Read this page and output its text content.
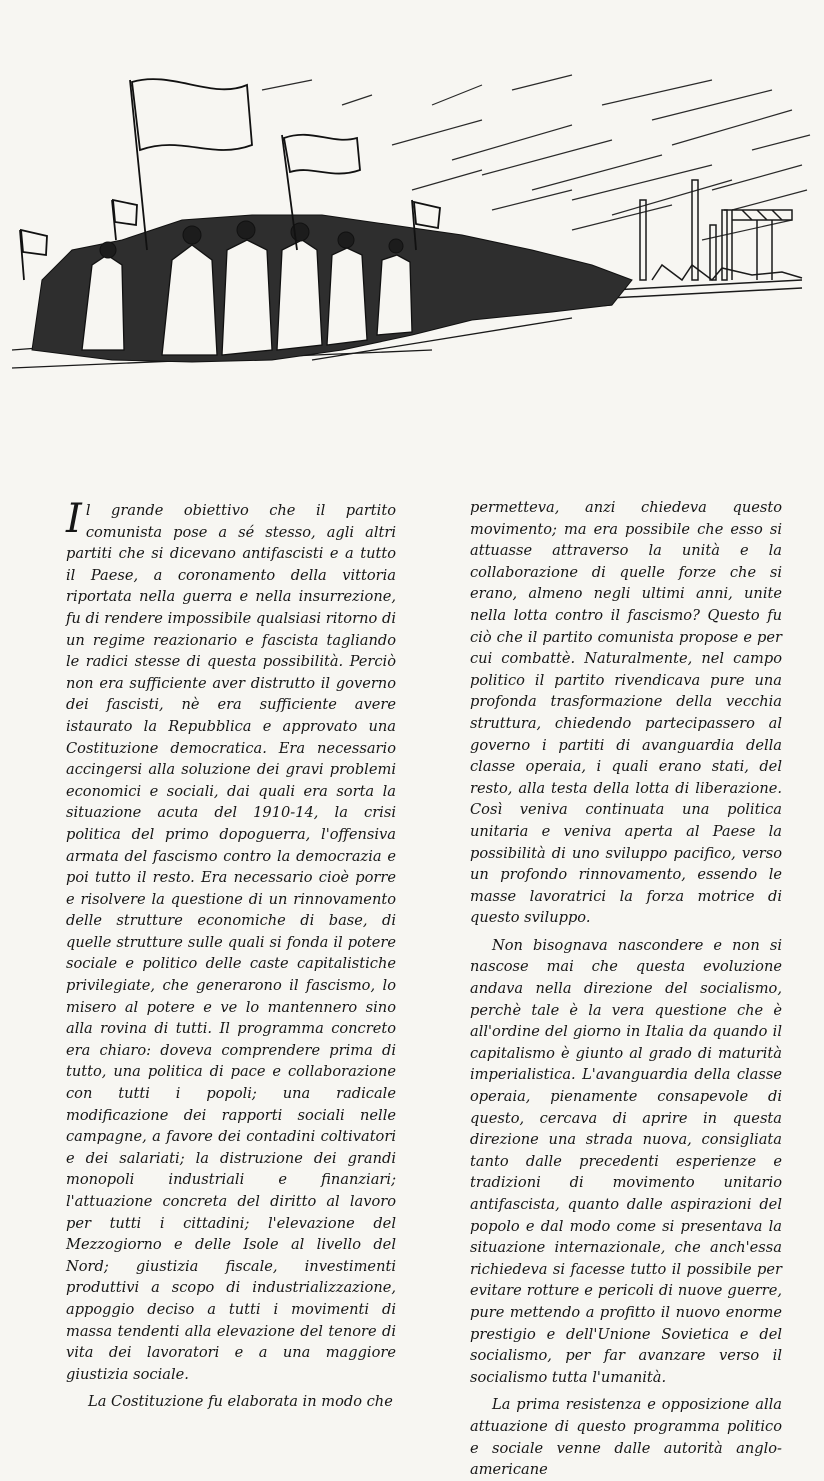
Il grande obiettivo che il partito comunista pose a sé stesso, agli altri partiti che si dicevano antifascisti e a tutto il Paese, a coronamento della vittoria riportata nella guerra e nella insurrezione, fu di rendere impossibile qualsiasi ritorno di un regime reazionario e fascista tagliando le radici stesse di questa possibilità. Perciò non era sufficiente aver distrutto il governo dei fascisti, nè era sufficiente avere istaurato la Repubblica e approvato una Costituzione democratica. Era necessario accingersi alla soluzione dei gravi problemi economici e sociali, dai quali era sorta la situazione acuta del 1910-14, la crisi politica del primo dopoguerra, l'offensiva armata del fascismo contro la democrazia e poi tutto il resto. Era necessario cioè porre e risolvere la questione di un rinnovamento delle strutture economiche di base, di quelle strutture sulle quali si fonda il potere sociale e politico delle caste capitalistiche privilegiate, che generarono il fascismo, lo misero al potere e ve lo mantennero sino alla rovina di tutti. Il programma concreto era chiaro: doveva comprendere prima di tutto, una politica di pace e collaborazione con tutti i popoli; una radicale modificazione dei rapporti sociali nelle campagne, a favore dei contadini coltivatori e dei salariati; la distruzione dei grandi monopoli industriali e finanziari; l'attuazione concreta del diritto al lavoro per tutti i cittadini; l'elevazione del Mezzogiorno e delle Isole al livello del Nord; giustizia fiscale, investimenti produttivi a scopo di industrializzazione, appoggio deciso a tutti i movimenti di massa tendenti alla elevazione del tenore di vita dei lavoratori e a una maggiore giustizia sociale.

La Costituzione fu elaborata in modo che

permetteva, anzi chiedeva questo movimento; ma era possibile che esso si attuasse attraverso la unità e la collaborazione di quelle forze che si erano, almeno negli ultimi anni, unite nella lotta contro il fascismo? Questo fu ciò che il partito comunista propose e per cui combattè. Naturalmente, nel campo politico il partito rivendicava pure una profonda trasformazione della vecchia struttura, chiedendo partecipassero al governo i partiti di avanguardia della classe operaia, i quali erano stati, del resto, alla testa della lotta di liberazione. Così veniva continuata una politica unitaria e veniva aperta al Paese la possibilità di uno sviluppo pacifico, verso un profondo rinnovamento, essendo le masse lavoratrici la forza motrice di questo sviluppo.

Non bisognava nascondere e non si nascose mai che questa evoluzione andava nella direzione del socialismo, perchè tale è la vera questione che è all'ordine del giorno in Italia da quando il capitalismo è giunto al grado di maturità imperialistica. L'avanguardia della classe operaia, pienamente consapevole di questo, cercava di aprire in questa direzione una strada nuova, consigliata tanto dalle precedenti esperienze e tradizioni di movimento unitario antifascista, quanto dalle aspirazioni del popolo e dal modo come si presentava la situazione internazionale, che anch'essa richiedeva si facesse tutto il possibile per evitare rotture e pericoli di nuove guerre, pure mettendo a profitto il nuovo enorme prestigio e dell'Unione Sovietica e del socialismo, per far avanzare verso il socialismo tutta l'umanità.

La prima resistenza e opposizione alla attuazione di questo programma politico e sociale venne dalle autorità anglo-americane
